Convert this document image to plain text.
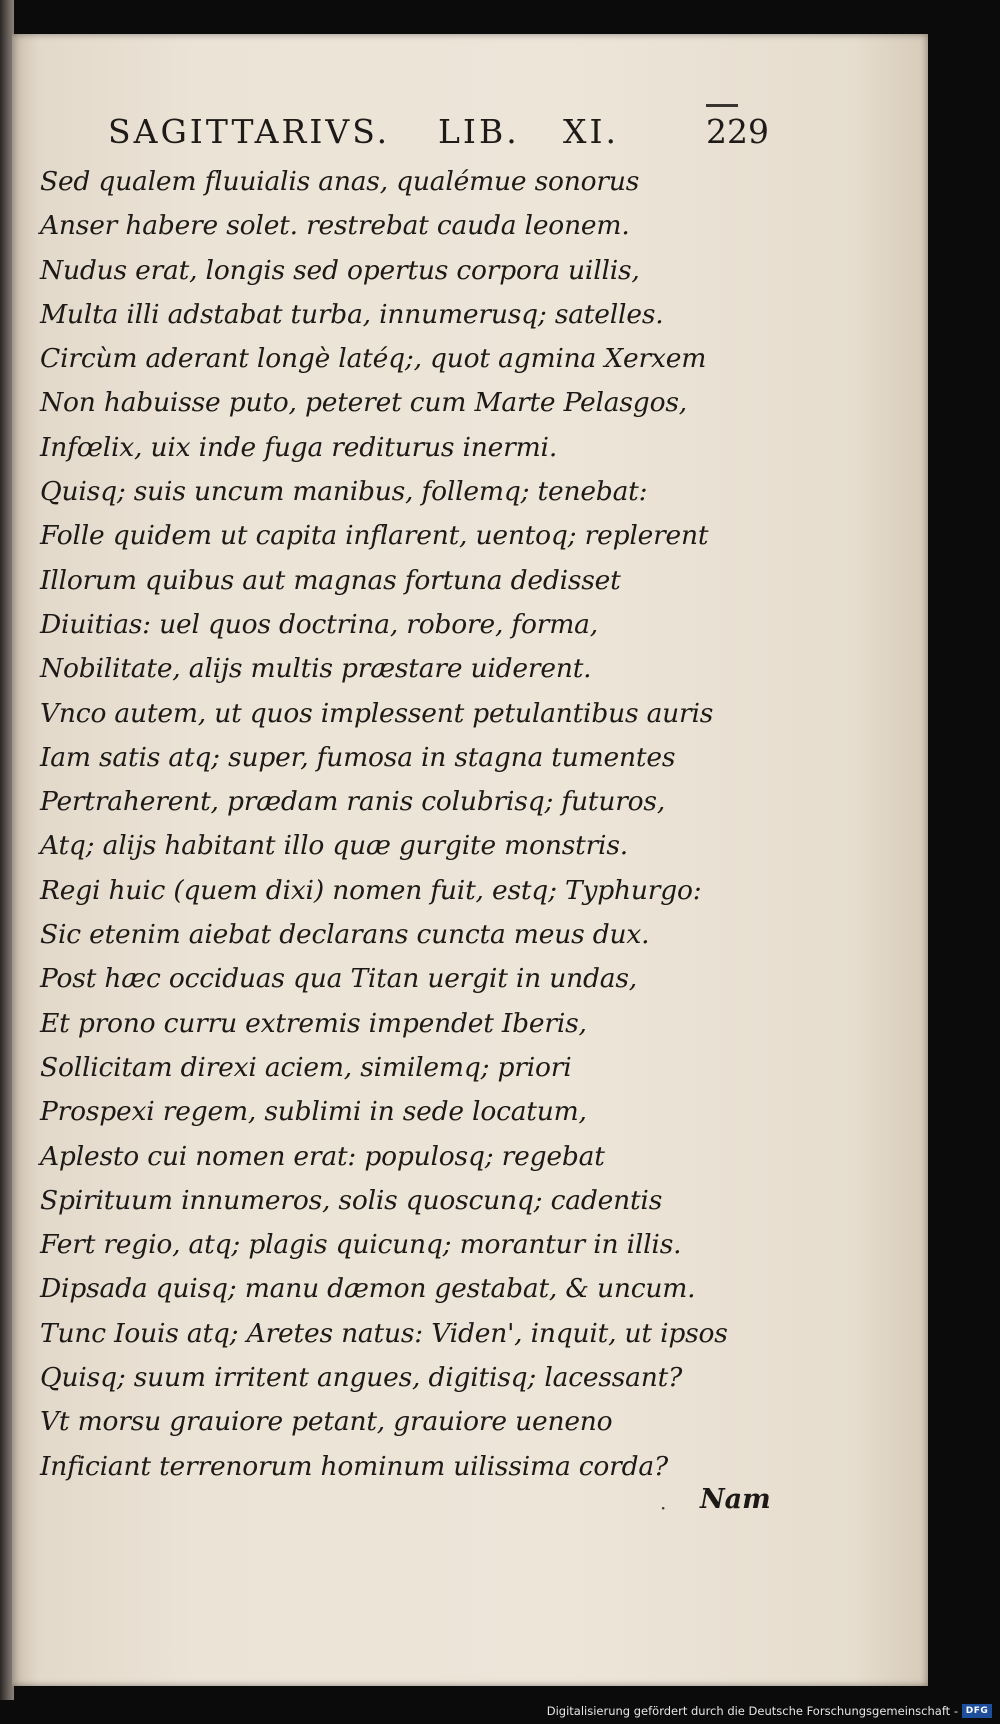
SAGITTARIVS. LIB. XI.	229
Sed qualem fluuialis anas, qualémue sonorus
Anser habere solet. restrebat cauda leonem.
Nudus erat, longis sed opertus corpora uillis,
Multa illi adstabat turba, innumerusq; satelles.
Circùm aderant longè latéq;, quot agmina Xerxem
Non habuisse puto, peteret cum Marte Pelasgos,
Infœlix, uix inde fuga rediturus inermi.
Quisq; suis uncum manibus, follemq; tenebat:
Folle quidem ut capita inflarent, uentoq; replerent
Illorum quibus aut magnas fortuna dedisset
Diuitias: uel quos doctrina, robore, forma,
Nobilitate, alijs multis præstare uiderent.
Vnco autem, ut quos implessent petulantibus auris
Iam satis atq; super, fumosa in stagna tumentes
Pertraherent, prædam ranis colubrisq; futuros,
Atq; alijs habitant illo quæ gurgite monstris.
Regi huic (quem dixi) nomen fuit, estq; Typhurgo:
Sic etenim aiebat declarans cuncta meus dux.
Post hæc occiduas qua Titan uergit in undas,
Et prono curru extremis impendet Iberis,
Sollicitam direxi aciem, similemq; priori
Prospexi regem, sublimi in sede locatum,
Aplesto cui nomen erat: populosq; regebat
Spirituum innumeros, solis quoscunq; cadentis
Fert regio, atq; plagis quicunq; morantur in illis.
Dipsada quisq; manu dæmon gestabat, & uncum.
Tunc Iouis atq; Aretes natus: Viden', inquit, ut ipsos
Quisq; suum irritent angues, digitisq; lacessant?
Vt morsu grauiore petant, grauiore ueneno
Inficiant terrenorum hominum uilissima corda?
· Nam
Digitalisierung gefördert durch die Deutsche Forschungsgemeinschaft - DFG
